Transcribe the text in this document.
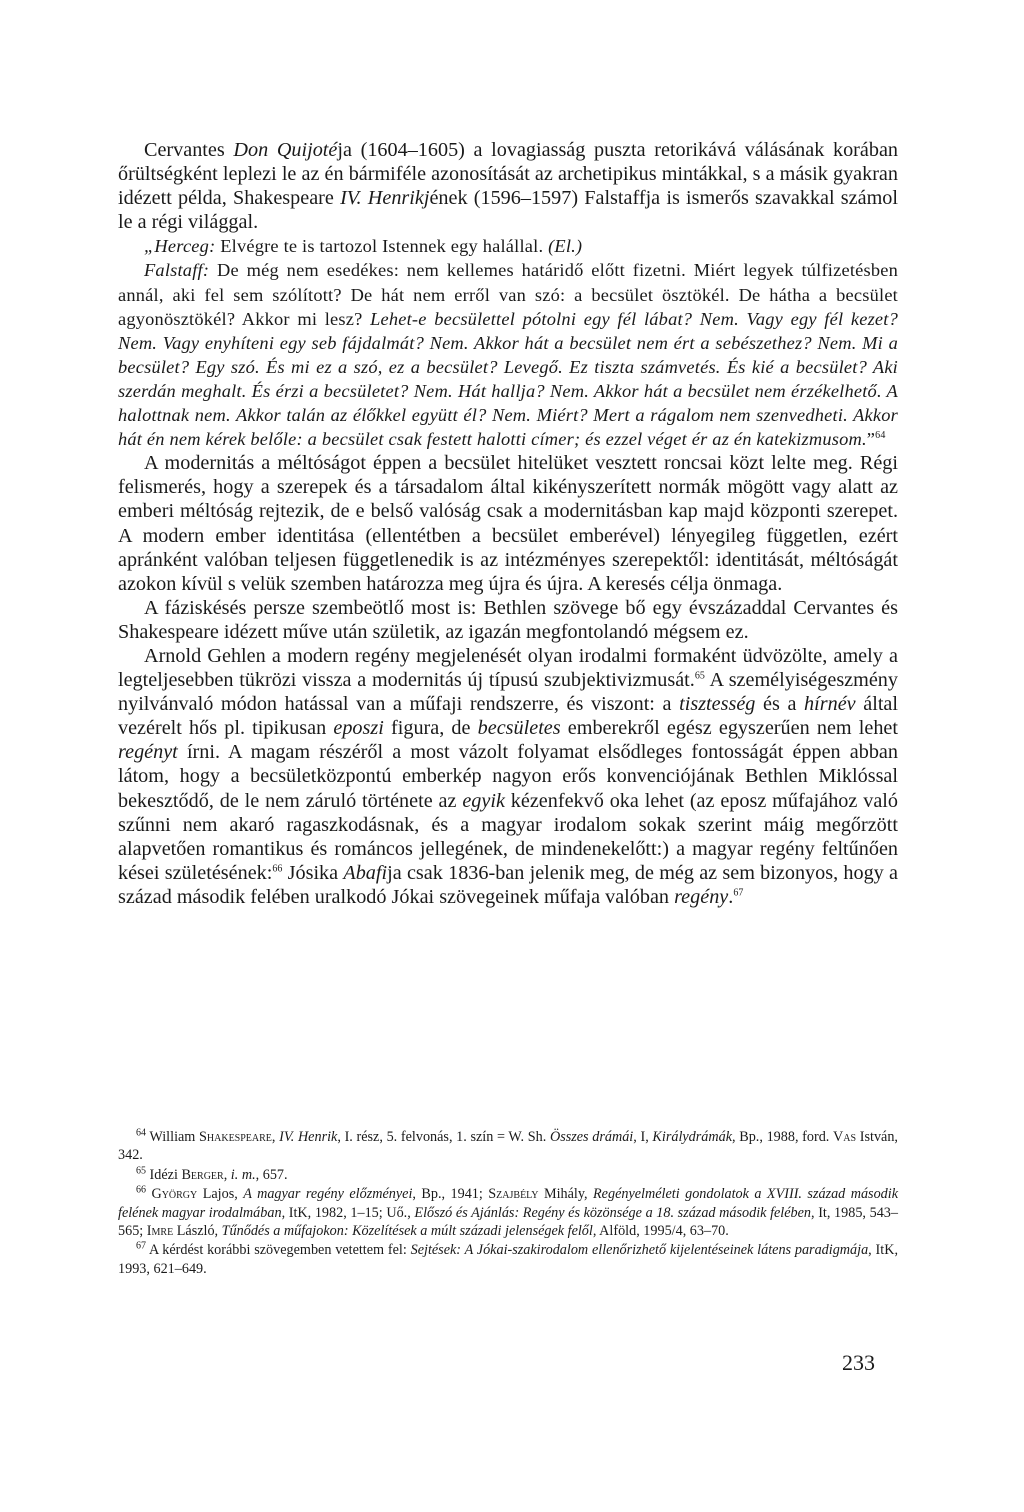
Cervantes Don Quijotéja (1604–1605) a lovagiasság puszta retorikává válásának korában őrültségként leplezi le az én bármiféle azonosítását az archetipikus mintákkal, s a másik gyakran idézett példa, Shakespeare IV. Henrikjének (1596–1597) Falstaffja is ismerős szavakkal számol le a régi világgal.

„Herceg: Elvégre te is tartozol Istennek egy halállal. (El.)

Falstaff: De még nem esedékes: nem kellemes határidő előtt fizetni. Miért legyek túlfizetésben annál, aki fel sem szólított? De hát nem erről van szó: a becsület ösztökél. De hátha a becsület agyonösztökél? Akkor mi lesz? Lehet-e becsülettel pótolni egy fél lábat? Nem. Vagy egy fél kezet? Nem. Vagy enyhíteni egy seb fájdalmát? Nem. Akkor hát a becsület nem ért a sebészethez? Nem. Mi a becsület? Egy szó. És mi ez a szó, ez a becsület? Levegő. Ez tiszta számvetés. És kié a becsület? Aki szerdán meghalt. És érzi a becsületet? Nem. Hát hallja? Nem. Akkor hát a becsület nem érzékelhető. A halottnak nem. Akkor talán az élőkkel együtt él? Nem. Miért? Mert a rágalom nem szenvedheti. Akkor hát én nem kérek belőle: a becsület csak festett halotti címer; és ezzel véget ér az én katekizmusom.”$^{64}$

A modernitás a méltóságot éppen a becsület hitelüket vesztett roncsai közt lelte meg. Régi felismerés, hogy a szerepek és a társadalom által kikényszerített normák mögött vagy alatt az emberi méltóság rejtezik, de e belső valóság csak a modernitásban kap majd központi szerepet. A modern ember identitása (ellentétben a becsület emberével) lényegileg független, ezért apránként valóban teljesen függetlenedik is az intézményes szerepektől: identitását, méltóságát azokon kívül s velük szemben határozza meg újra és újra. A keresés célja önmaga.

A fáziskésés persze szembeötlő most is: Bethlen szövege bő egy évszázaddal Cervantes és Shakespeare idézett műve után születik, az igazán megfontolandó mégsem ez.

Arnold Gehlen a modern regény megjelenését olyan irodalmi formaként üdvözölte, amely a legteljesebben tükrözi vissza a modernitás új típusú szubjektivizmusát.$^{65}$ A személyiségeszmény nyilvánvaló módon hatással van a műfaji rendszerre, és viszont: a tisztesség és a hírnév által vezérelt hős pl. tipikusan eposzi figura, de becsületes emberekről egész egyszerűen nem lehet regényt írni. A magam részéről a most vázolt folyamat elsődleges fontosságát éppen abban látom, hogy a becsületközpontú emberkép nagyon erős konvenciójának Bethlen Miklóssal bekesztődő, de le nem záruló története az egyik kézenfekvő oka lehet (az eposz műfajához való szűnni nem akaró ragaszkodásnak, és a magyar irodalom sokak szerint máig megőrzött alapvetően romantikus és románcos jellegének, de mindenekelőtt:) a magyar regény feltűnően kései születésének:$^{66}$ Jósika Abafija csak 1836-ban jelenik meg, de még az sem bizonyos, hogy a század második felében uralkodó Jókai szövegeinek műfaja valóban regény.$^{67}$

$^{64}$ William Shakespeare, IV. Henrik, I. rész, 5. felvonás, 1. szín = W. Sh. Összes drámái, I, Királydrámák, Bp., 1988, ford. Vas István, 342.

$^{65}$ Idézi Berger, i. m., 657.

$^{66}$ György Lajos, A magyar regény előzményei, Bp., 1941; Szajbély Mihály, Regényelméleti gondolatok a XVIII. század második felének magyar irodalmában, ItK, 1982, 1–15; Uő., Előszó és Ajánlás: Regény és közönsége a 18. század második felében, It, 1985, 543–565; Imre László, Tűnődés a műfajokon: Közelítések a múlt századi jelenségek felől, Alföld, 1995/4, 63–70.

$^{67}$ A kérdést korábbi szövegemben vetettem fel: Sejtések: A Jókai-szakirodalom ellenőrizhető kijelentéseinek látens paradigmája, ItK, 1993, 621–649.

233
